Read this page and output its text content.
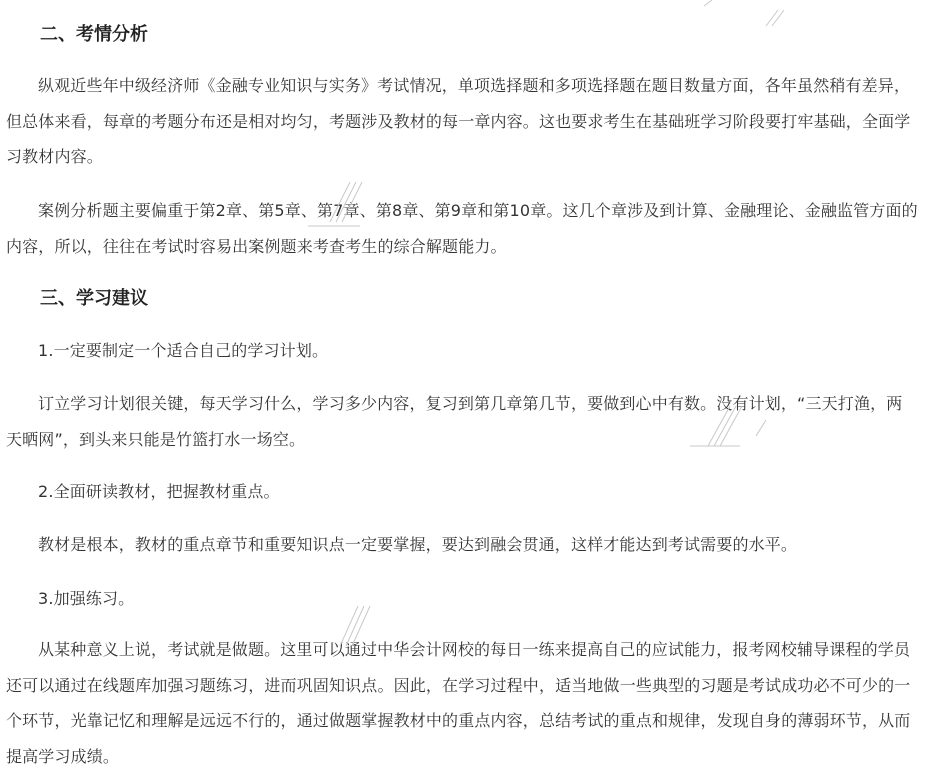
二、考情分析

纵观近些年中级经济师《金融专业知识与实务》考试情况，单项选择题和多项选择题在题目数量方面，各年虽然稍有差异，但总体来看，每章的考题分布还是相对均匀，考题涉及教材的每一章内容。这也要求考生在基础班学习阶段要打牢基础，全面学习教材内容。

案例分析题主要偏重于第2章、第5章、第7章、第8章、第9章和第10章。这几个章涉及到计算、金融理论、金融监管方面的内容，所以，往往在考试时容易出案例题来考查考生的综合解题能力。

三、学习建议

1.一定要制定一个适合自己的学习计划。

订立学习计划很关键，每天学习什么，学习多少内容，复习到第几章第几节，要做到心中有数。没有计划，“三天打渔，两天晒网”，到头来只能是竹篮打水一场空。

2.全面研读教材，把握教材重点。

教材是根本，教材的重点章节和重要知识点一定要掌握，要达到融会贯通，这样才能达到考试需要的水平。

3.加强练习。

从某种意义上说，考试就是做题。这里可以通过中华会计网校的每日一练来提高自己的应试能力，报考网校辅导课程的学员还可以通过在线题库加强习题练习，进而巩固知识点。因此，在学习过程中，适当地做一些典型的习题是考试成功必不可少的一个环节，光靠记忆和理解是远远不行的，通过做题掌握教材中的重点内容，总结考试的重点和规律，发现自身的薄弱环节，从而提高学习成绩。
